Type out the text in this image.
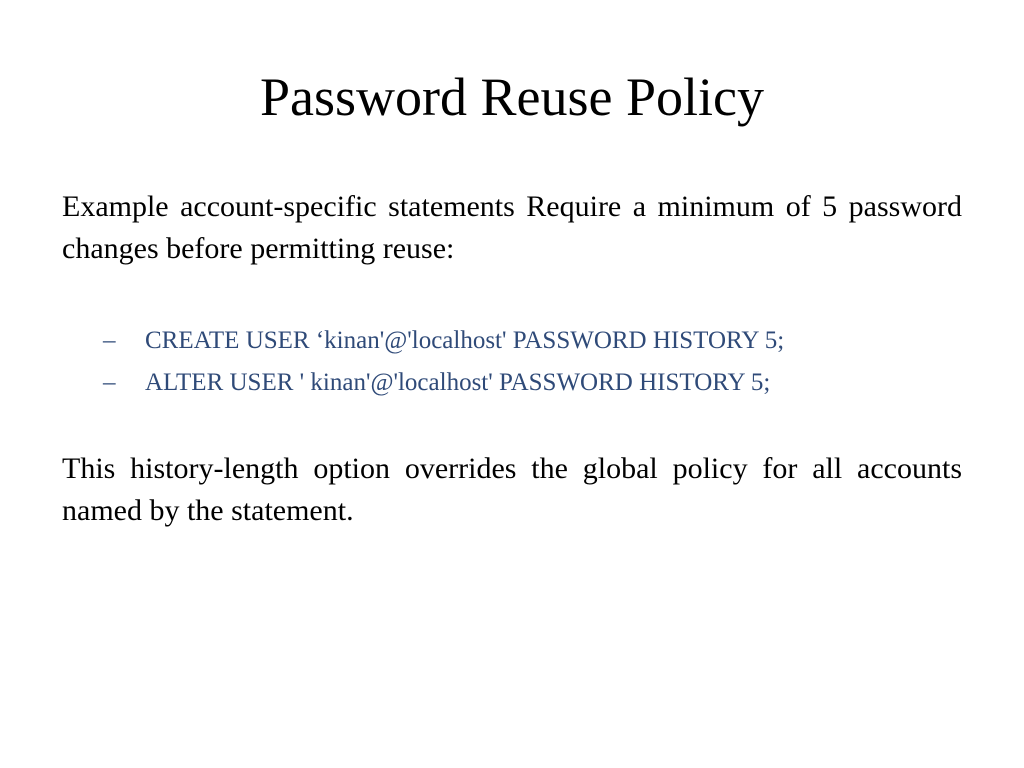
Password Reuse Policy

Example account-specific statements Require a minimum of 5 password changes before permitting reuse:

– CREATE USER ‘kinan'@'localhost' PASSWORD HISTORY 5;
– ALTER USER ' kinan'@'localhost' PASSWORD HISTORY 5;

This history-length option overrides the global policy for all accounts named by the statement.
